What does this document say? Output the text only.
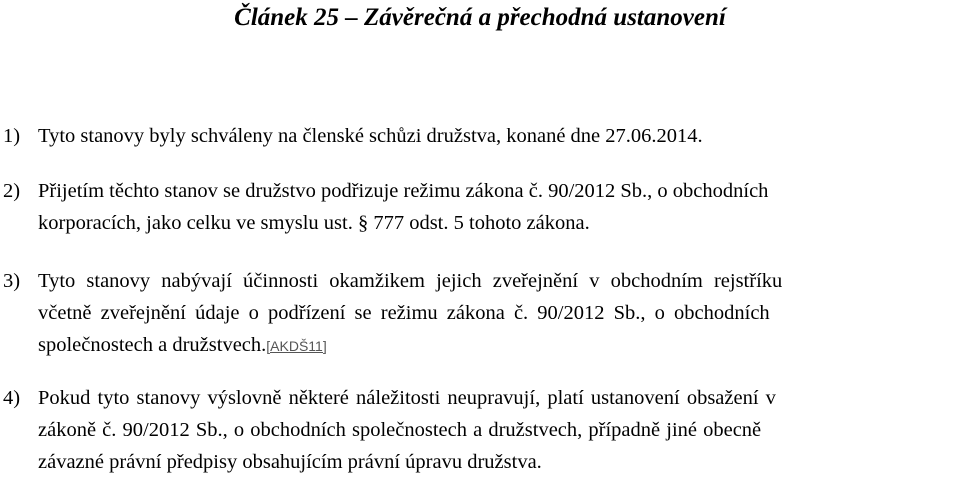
Článek 25 – Závěrečná a přechodná ustanovení
1) Tyto stanovy byly schváleny na členské schůzi družstva, konané dne 27.06.2014.
2) Přijetím těchto stanov se družstvo podřizuje režimu zákona č. 90/2012 Sb., o obchodních
korporacích, jako celku ve smyslu ust. § 777 odst. 5 tohoto zákona.
3) Tyto stanovy nabývají účinnosti okamžikem jejich zveřejnění v obchodním rejstříku
včetně zveřejnění údaje o podřízení se režimu zákona č. 90/2012 Sb., o obchodních
společnostech a družstvech.[AKDŠ11]
4) Pokud tyto stanovy výslovně některé náležitosti neupravují, platí ustanovení obsažení v
zákoně č. 90/2012 Sb., o obchodních společnostech a družstvech, případně jiné obecně
závazné právní předpisy obsahujícím právní úpravu družstva.
